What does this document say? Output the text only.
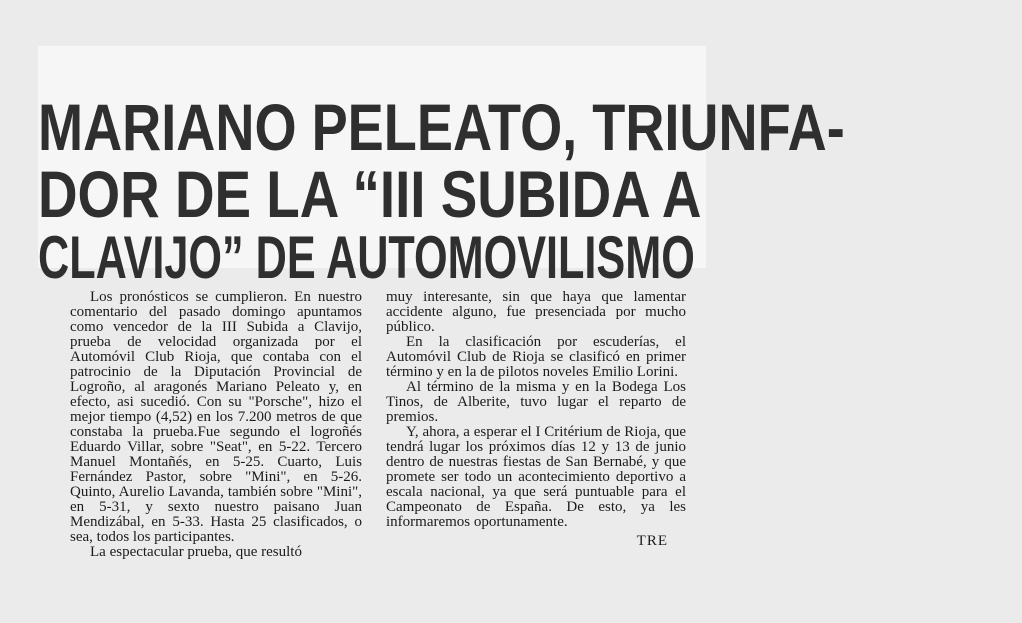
MARIANO PELEATO, TRIUNFA-
DOR DE LA “III SUBIDA A
CLAVIJO” DE AUTOMOVILISMO

Los pronósticos se cumplieron. En nuestro comentario del pasado domingo apuntamos como vencedor de la III Subida a Clavijo, prueba de velocidad organizada por el Automóvil Club Rioja, que contaba con el patrocinio de la Diputación Provincial de Logroño, al aragonés Mariano Peleato y, en efecto, asi sucedió. Con su "Porsche", hizo el mejor tiempo (4,52) en los 7.200 metros de que constaba la prueba.Fue segundo el logroñés Eduardo Villar, sobre "Seat", en 5-22. Tercero Manuel Montañés, en 5-25. Cuarto, Luis Fernández Pastor, sobre "Mini", en 5-26. Quinto, Aurelio Lavanda, también sobre "Mini", en 5-31, y sexto nuestro paisano Juan Mendizábal, en 5-33. Hasta 25 clasificados, o sea, todos los participantes.

La espectacular prueba, que resultó

muy interesante, sin que haya que lamentar accidente alguno, fue presenciada por mucho público.

En la clasificación por escuderías, el Automóvil Club de Rioja se clasificó en primer término y en la de pilotos noveles Emilio Lorini.

Al término de la misma y en la Bodega Los Tinos, de Alberite, tuvo lugar el reparto de premios.

Y, ahora, a esperar el I Critérium de Rioja, que tendrá lugar los próximos días 12 y 13 de junio dentro de nuestras fiestas de San Bernabé, y que promete ser todo un acontecimiento deportivo a escala nacional, ya que será puntuable para el Campeonato de España. De esto, ya les informaremos oportunamente.

TRE
